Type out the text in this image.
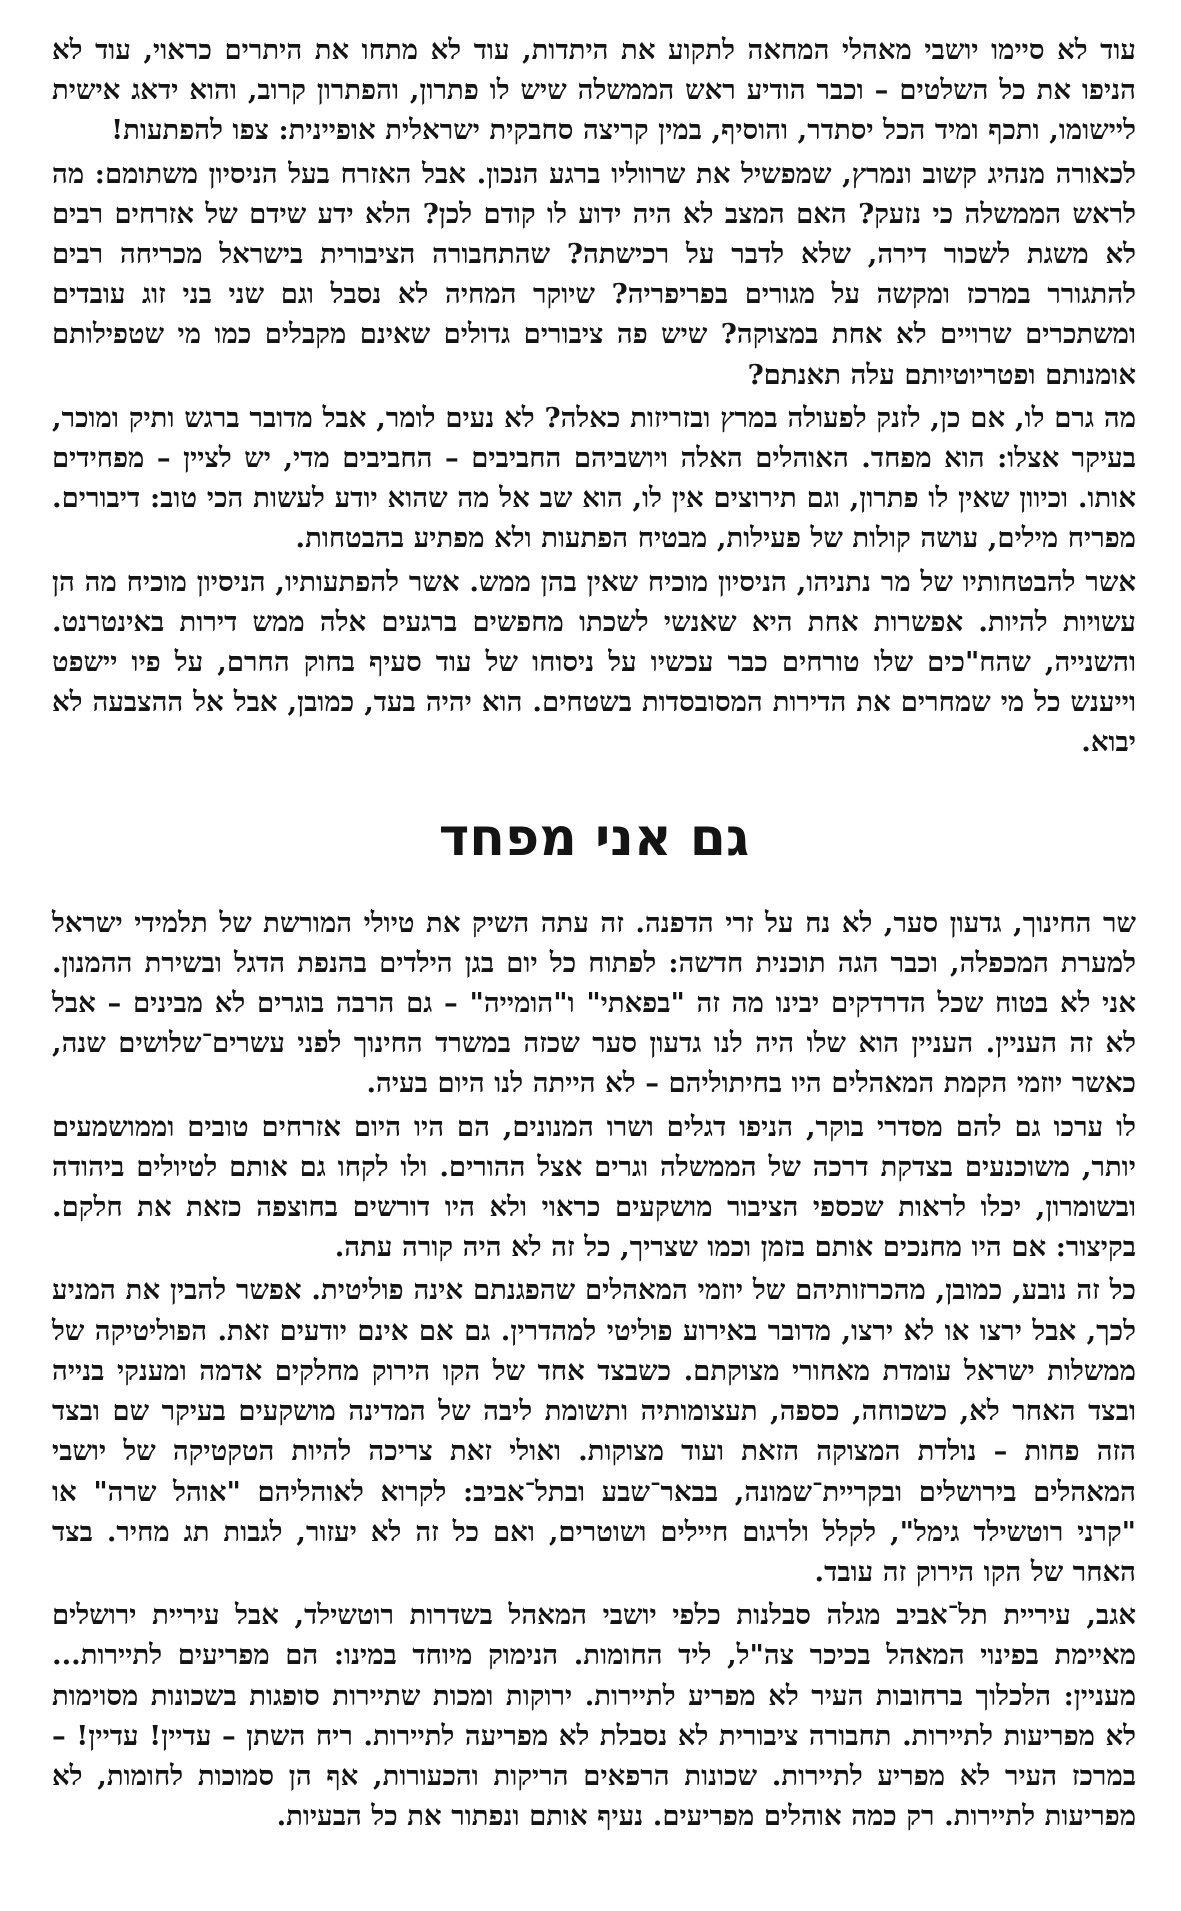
עוד לא סיימו יושבי מאהלי המחאה לתקוע את היתדות, עוד לא מתחו את היתרים כראוי, עוד לא הניפו את כל השלטים – וכבר הודיע ראש הממשלה שיש לו פתרון, והפתרון קרוב, והוא ידאג אישית ליישומו, ותכף ומיד הכל יסתדר, והוסיף, במין קריצה סחבקית ישראלית אופיינית: צפו להפתעות!

לכאורה מנהיג קשוב ונמרץ, שמפשיל את שרווליו ברגע הנכון. אבל האזרח בעל הניסיון משתומם: מה לראש הממשלה כי נזעק? האם המצב לא היה ידוע לו קודם לכן? הלא ידע שידם של אזרחים רבים לא משגת לשכור דירה, שלא לדבר על רכישתה? שהתחבורה הציבורית בישראל מכריחה רבים להתגורר במרכז ומקשה על מגורים בפריפריה? שיוקר המחיה לא נסבל וגם שני בני זוג עובדים ומשתכרים שרויים לא אחת במצוקה? שיש פה ציבורים גדולים שאינם מקבלים כמו מי שטפילותם אומנותם ופטריוטיותם עלה תאנתם?

מה גרם לו, אם כן, לזנק לפעולה במרץ ובזריזות כאלה? לא נעים לומר, אבל מדובר ברגש ותיק ומוכר, בעיקר אצלו: הוא מפחד. האוהלים האלה ויושביהם החביבים – החביבים מדי, יש לציין – מפחידים אותו. וכיוון שאין לו פתרון, וגם תירוצים אין לו, הוא שב אל מה שהוא יודע לעשות הכי טוב: דיבורים. מפריח מילים, עושה קולות של פעילות, מבטיח הפתעות ולא מפתיע בהבטחות.

אשר להבטחותיו של מר נתניהו, הניסיון מוכיח שאין בהן ממש. אשר להפתעותיו, הניסיון מוכיח מה הן עשויות להיות. אפשרות אחת היא שאנשי לשכתו מחפשים ברגעים אלה ממש דירות באינטרנט. והשנייה, שהח"כים שלו טורחים כבר עכשיו על ניסוחו של עוד סעיף בחוק החרם, על פיו יישפט וייענש כל מי שמחרים את הדירות המסובסדות בשטחים. הוא יהיה בעד, כמובן, אבל אל ההצבעה לא יבוא.

גם אני מפחד

שר החינוך, גדעון סער, לא נח על זרי הדפנה. זה עתה השיק את טיולי המורשת של תלמידי ישראל למערת המכפלה, וכבר הגה תוכנית חדשה: לפתוח כל יום בגן הילדים בהנפת הדגל ובשירת ההמנון. אני לא בטוח שכל הדרדקים יבינו מה זה "בפאתי" ו"הומייה" – גם הרבה בוגרים לא מבינים – אבל לא זה העניין. העניין הוא שלו היה לנו גדעון סער שכזה במשרד החינוך לפני עשרים־שלושים שנה, כאשר יוזמי הקמת המאהלים היו בחיתוליהם – לא הייתה לנו היום בעיה.

לו ערכו גם להם מסדרי בוקר, הניפו דגלים ושרו המנונים, הם היו היום אזרחים טובים וממושמעים יותר, משוכנעים בצדקת דרכה של הממשלה וגרים אצל ההורים. ולו לקחו גם אותם לטיולים ביהודה ובשומרון, יכלו לראות שכספי הציבור מושקעים כראוי ולא היו דורשים בחוצפה כזאת את חלקם. בקיצור: אם היו מחנכים אותם בזמן וכמו שצריך, כל זה לא היה קורה עתה.

כל זה נובע, כמובן, מהכרזותיהם של יוזמי המאהלים שהפגנתם אינה פוליטית. אפשר להבין את המניע לכך, אבל ירצו או לא ירצו, מדובר באירוע פוליטי למהדרין. גם אם אינם יודעים זאת. הפוליטיקה של ממשלות ישראל עומדת מאחורי מצוקתם. כשבצד אחד של הקו הירוק מחלקים אדמה ומענקי בנייה ובצד האחר לא, כשכוחה, כספה, תעצומותיה ותשומת ליבה של המדינה מושקעים בעיקר שם ובצד הזה פחות – נולדת המצוקה הזאת ועוד מצוקות. ואולי זאת צריכה להיות הטקטיקה של יושבי המאהלים בירושלים ובקריית־שמונה, בבאר־שבע ובתל־אביב: לקרוא לאוהליהם "אוהל שרה" או "קרני רוטשילד גימל", לקלל ולרגום חיילים ושוטרים, ואם כל זה לא יעזור, לגבות תג מחיר. בצד האחר של הקו הירוק זה עובד.

אגב, עיריית תל־אביב מגלה סבלנות כלפי יושבי המאהל בשדרות רוטשילד, אבל עיריית ירושלים מאיימת בפינוי המאהל בכיכר צה"ל, ליד החומות. הנימוק מיוחד במינו: הם מפריעים לתיירות... מעניין: הלכלוך ברחובות העיר לא מפריע לתיירות. ירוקות ומכות שתיירות סופגות בשכונות מסוימות לא מפריעות לתיירות. תחבורה ציבורית לא נסבלת לא מפריעה לתיירות. ריח השתן – עדיין! עדיין! – במרכז העיר לא מפריע לתיירות. שכונות הרפאים הריקות והכעורות, אף הן סמוכות לחומות, לא מפריעות לתיירות. רק כמה אוהלים מפריעים. נעיף אותם ונפתור את כל הבעיות.
